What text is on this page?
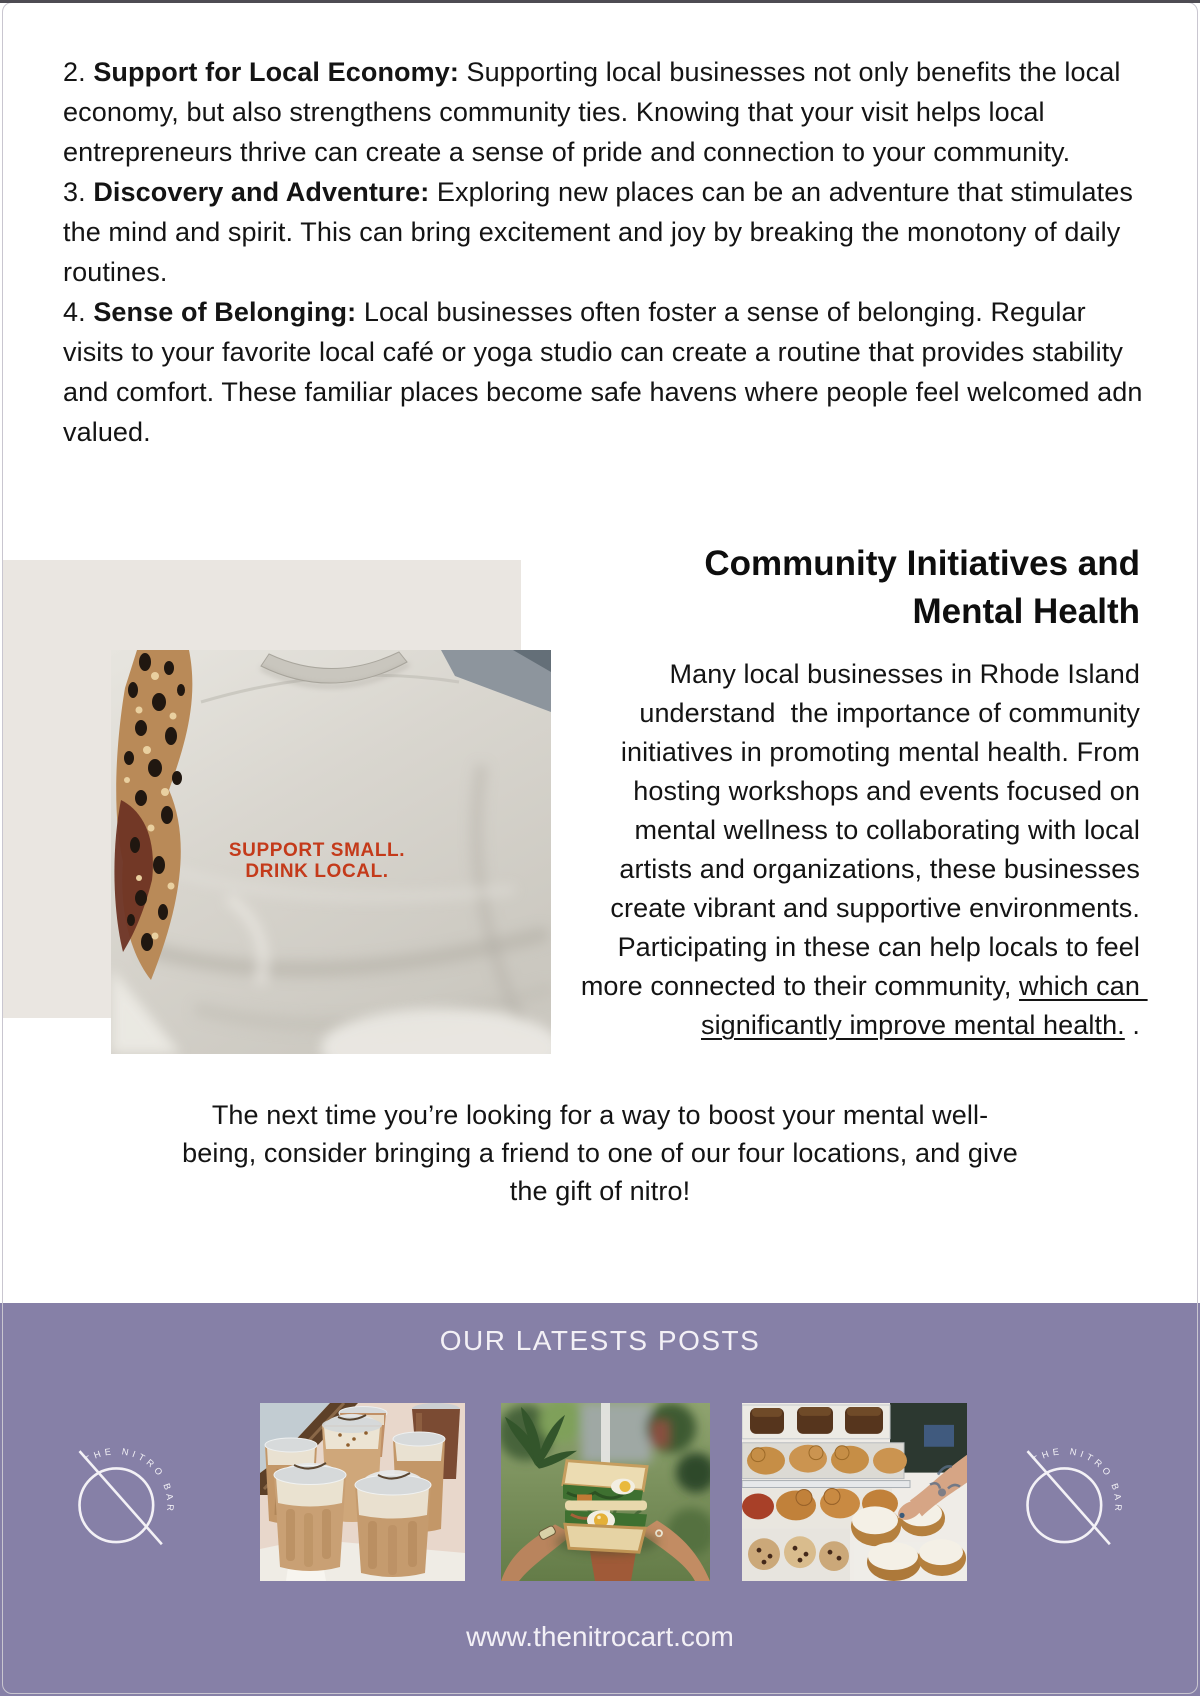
2. Support for Local Economy: Supporting local businesses not only benefits the local economy, but also strengthens community ties. Knowing that your visit helps local entrepreneurs thrive can create a sense of pride and connection to your community.

3. Discovery and Adventure: Exploring new places can be an adventure that stimulates the mind and spirit. This can bring excitement and joy by breaking the monotony of daily routines.

4. Sense of Belonging: Local businesses often foster a sense of belonging. Regular visits to your favorite local café or yoga studio can create a routine that provides stability and comfort. These familiar places become safe havens where people feel welcomed adn valued.

SUPPORT SMALL.
DRINK LOCAL.
Community Initiatives and
Mental Health

Many local businesses in Rhode Island understand  the importance of community initiatives in promoting mental health. From hosting workshops and events focused on mental wellness to collaborating with local artists and organizations, these businesses create vibrant and supportive environments. Participating in these can help locals to feel more connected to their community, which can significantly improve mental health. .

The next time you’re looking for a way to boost your mental well-
being, consider bringing a friend to one of our four locations, and give
the gift of nitro!

OUR LATESTS POSTS
THE NITRO BAR
THE NITRO BAR

www.thenitrocart.com
